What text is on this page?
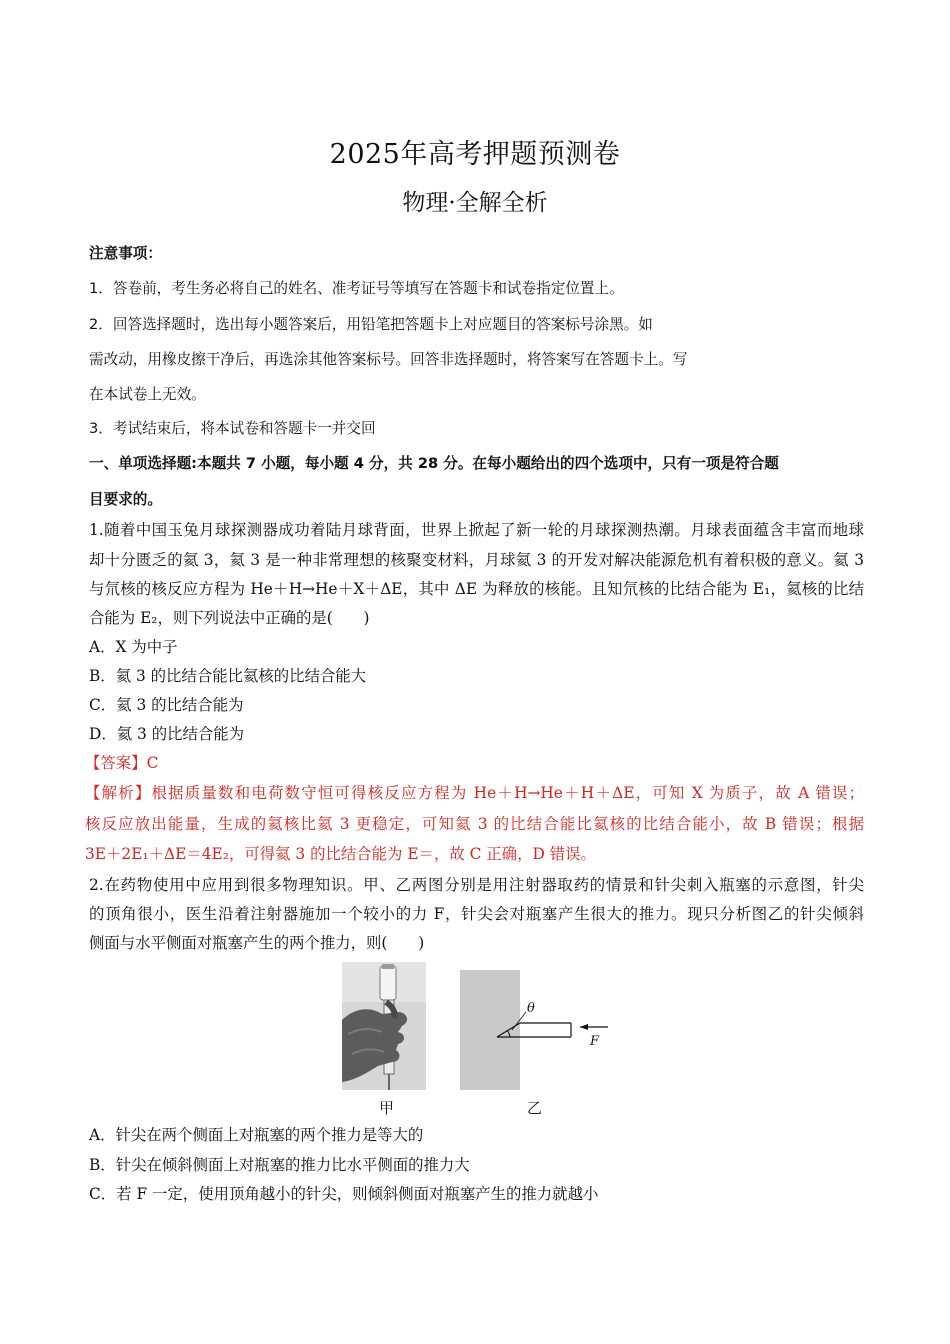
2025年高考押题预测卷
物理·全解全析
注意事项：
1．答卷前，考生务必将自己的姓名、准考证号等填写在答题卡和试卷指定位置上。
2．回答选择题时，选出每小题答案后，用铅笔把答题卡上对应题目的答案标号涂黑。如
需改动，用橡皮擦干净后，再选涂其他答案标号。回答非选择题时，将答案写在答题卡上。写
在本试卷上无效。
3．考试结束后，将本试卷和答题卡一并交回
一、单项选择题:本题共 7 小题，每小题 4 分，共 28 分。在每小题给出的四个选项中，只有一项是符合题
目要求的。
1.随着中国玉兔月球探测器成功着陆月球背面，世界上掀起了新一轮的月球探测热潮。月球表面蕴含丰富而地球
却十分匮乏的氦 3，氦 3 是一种非常理想的核聚变材料，月球氦 3 的开发对解决能源危机有着积极的意义。氦 3
与氘核的核反应方程为 He＋H→He＋X＋ΔE，其中 ΔE 为释放的核能。且知氘核的比结合能为 E₁，氦核的比结
合能为 E₂，则下列说法中正确的是(　　)
A．X 为中子
B．氦 3 的比结合能比氦核的比结合能大
C．氦 3 的比结合能为
D．氦 3 的比结合能为
【答案】C
【解析】根据质量数和电荷数守恒可得核反应方程为 He＋H→He＋H＋ΔE，可知 X 为质子，故 A 错误；
核反应放出能量，生成的氦核比氦 3 更稳定，可知氦 3 的比结合能比氦核的比结合能小，故 B 错误；根据
3E＋2E₁＋ΔE＝4E₂，可得氦 3 的比结合能为 E＝，故 C 正确，D 错误。
2.在药物使用中应用到很多物理知识。甲、乙两图分别是用注射器取药的情景和针尖刺入瓶塞的示意图，针尖
的顶角很小，医生沿着注射器施加一个较小的力 F，针尖会对瓶塞产生很大的推力。现只分析图乙的针尖倾斜
侧面与水平侧面对瓶塞产生的两个推力，则(　　)
甲
θ
F
乙
A．针尖在两个侧面上对瓶塞的两个推力是等大的
B．针尖在倾斜侧面上对瓶塞的推力比水平侧面的推力大
C．若 F 一定，使用顶角越小的针尖，则倾斜侧面对瓶塞产生的推力就越小
